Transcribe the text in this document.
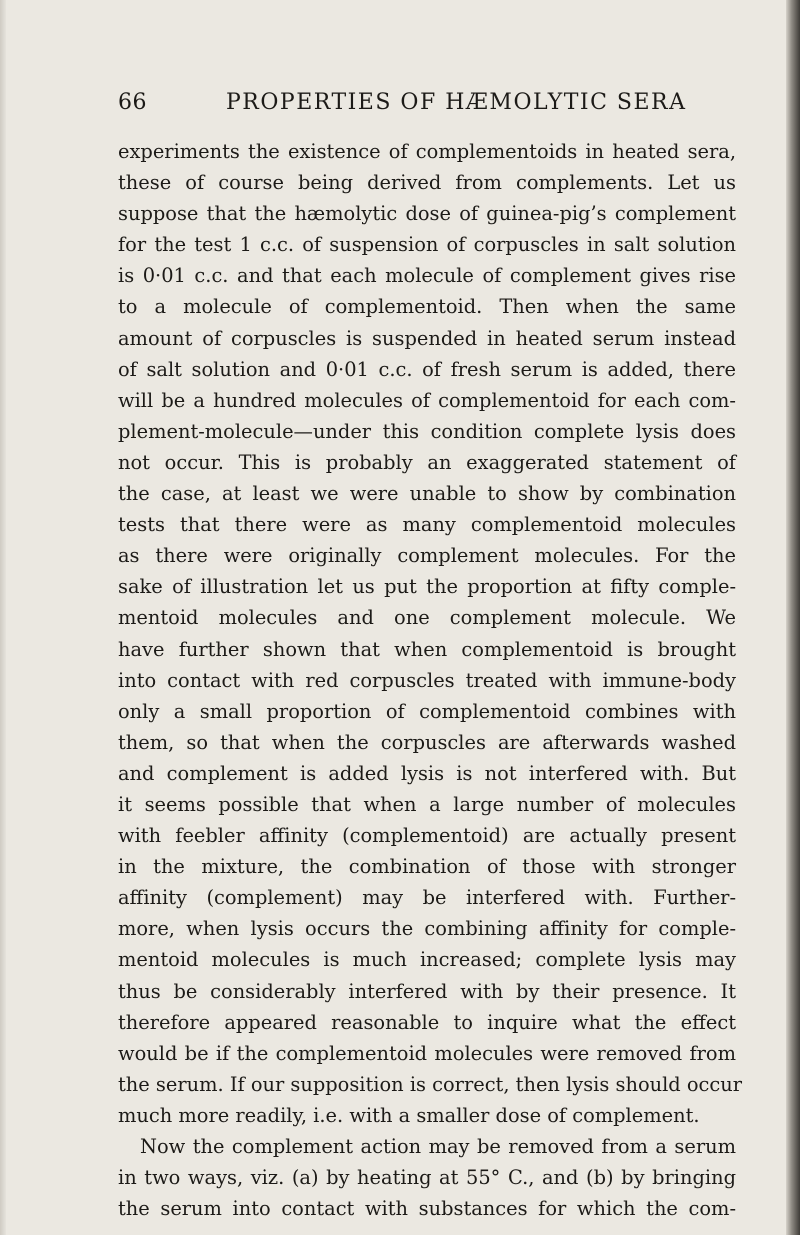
66	PROPERTIES OF HÆMOLYTIC SERA
experiments the existence of complementoids in heated sera,
these of course being derived from complements. Let us
suppose that the hæmolytic dose of guinea-pig’s complement
for the test 1 c.c. of suspension of corpuscles in salt solution
is 0·01 c.c. and that each molecule of complement gives rise
to a molecule of complementoid. Then when the same
amount of corpuscles is suspended in heated serum instead
of salt solution and 0·01 c.c. of fresh serum is added, there
will be a hundred molecules of complementoid for each com-
plement-molecule—under this condition complete lysis does
not occur. This is probably an exaggerated statement of
the case, at least we were unable to show by combination
tests that there were as many complementoid molecules
as there were originally complement molecules. For the
sake of illustration let us put the proportion at fifty comple-
mentoid molecules and one complement molecule. We
have further shown that when complementoid is brought
into contact with red corpuscles treated with immune-body
only a small proportion of complementoid combines with
them, so that when the corpuscles are afterwards washed
and complement is added lysis is not interfered with. But
it seems possible that when a large number of molecules
with feebler affinity (complementoid) are actually present
in the mixture, the combination of those with stronger
affinity (complement) may be interfered with. Further-
more, when lysis occurs the combining affinity for comple-
mentoid molecules is much increased; complete lysis may
thus be considerably interfered with by their presence. It
therefore appeared reasonable to inquire what the effect
would be if the complementoid molecules were removed from
the serum. If our supposition is correct, then lysis should occur
much more readily, i.e. with a smaller dose of complement.
Now the complement action may be removed from a serum
in two ways, viz. (a) by heating at 55° C., and (b) by bringing
the serum into contact with substances for which the com-
